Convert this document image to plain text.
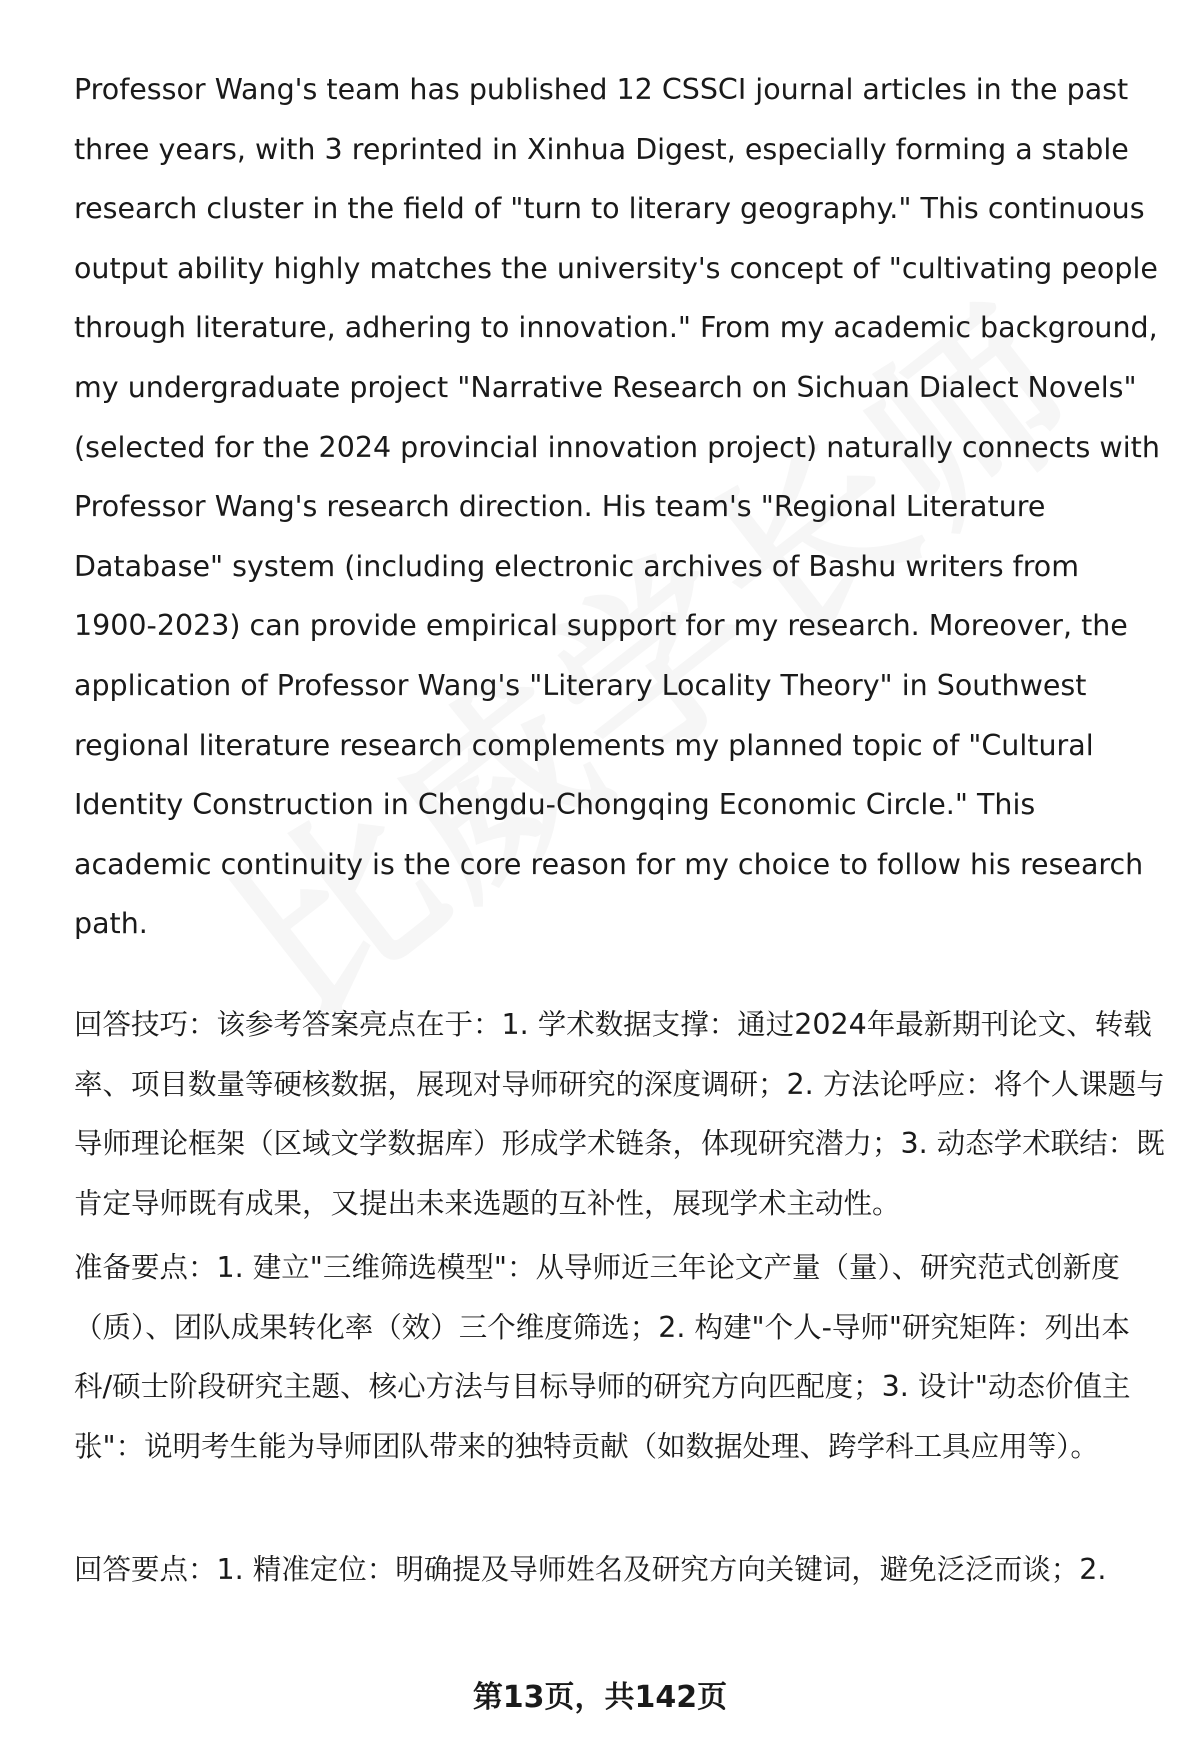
Professor Wang's team has published 12 CSSCI journal articles in the past three years, with 3 reprinted in Xinhua Digest, especially forming a stable research cluster in the field of "turn to literary geography." This continuous output ability highly matches the university's concept of "cultivating people through literature, adhering to innovation." From my academic background, my undergraduate project "Narrative Research on Sichuan Dialect Novels" (selected for the 2024 provincial innovation project) naturally connects with Professor Wang's research direction. His team's "Regional Literature Database" system (including electronic archives of Bashu writers from 1900-2023) can provide empirical support for my research. Moreover, the application of Professor Wang's "Literary Locality Theory" in Southwest regional literature research complements my planned topic of "Cultural Identity Construction in Chengdu-Chongqing Economic Circle." This academic continuity is the core reason for my choice to follow his research path.

回答技巧：该参考答案亮点在于：1. 学术数据支撑：通过2024年最新期刊论文、转载率、项目数量等硬核数据，展现对导师研究的深度调研；2. 方法论呼应：将个人课题与导师理论框架（区域文学数据库）形成学术链条，体现研究潜力；3. 动态学术联结：既肯定导师既有成果，又提出未来选题的互补性，展现学术主动性。

准备要点：1. 建立"三维筛选模型"：从导师近三年论文产量（量）、研究范式创新度（质）、团队成果转化率（效）三个维度筛选；2. 构建"个人-导师"研究矩阵：列出本科/硕士阶段研究主题、核心方法与目标导师的研究方向匹配度；3. 设计"动态价值主张"：说明考生能为导师团队带来的独特贡献（如数据处理、跨学科工具应用等）。

回答要点：1. 精准定位：明确提及导师姓名及研究方向关键词，避免泛泛而谈；2.

第13页，共142页
